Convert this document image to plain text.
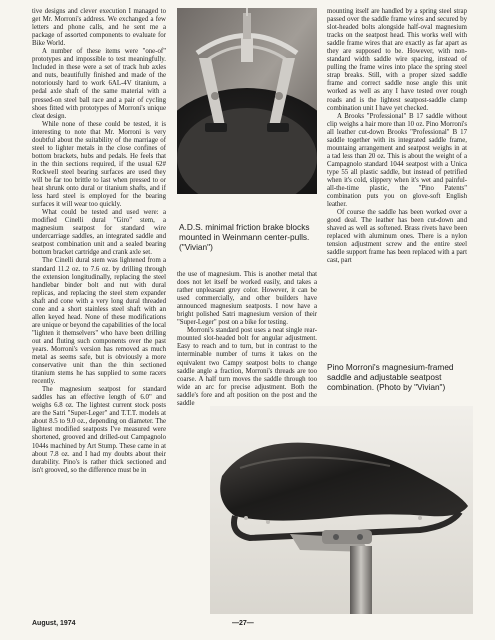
tive designs and clever execution I managed to get Mr. Morroni's address. We exchanged a few letters and phone calls, and he sent me a package of assorted components to evaluate for Bike World.

A number of these items were "one-of" prototypes and impossible to test meaningfully. Included in these were a set of track hub axles and nuts, beautifully finished and made of the notoriously hard to work 6AL-4V titanium, a pedal axle shaft of the same material with a pressed-on steel ball race and a pair of cycling shoes fitted with prototypes of Morroni's unique cleat design.

While none of these could be tested, it is interesting to note that Mr. Morroni is very doubtful about the suitability of the marriage of steel to lighter metals in the close confines of bottom brackets, hubs and pedals. He feels that in the thin sections required, if the usual 62# Rockwell steel bearing surfaces are used they will be far too brittle to last when pressed to or heat shrunk onto dural or titanium shafts, and if less hard steel is employed for the bearing surfaces it will wear too quickly.

What could be tested and used were: a modified Cinelli dural "Giro" stem, a magnesium seatpost for standard wire undercarriage saddles, an integrated saddle and seatpost combination unit and a sealed bearing bottom bracket cartridge and crank axle set.

The Cinelli dural stem was lightened from a standard 11.2 oz. to 7.6 oz. by drilling through the extension longitudinally, replacing the steel handlebar binder bolt and nut with dural replicas, and replacing the steel stem expander shaft and cone with a very long dural threaded cone and a short stainless steel shaft with an allen keyed head. None of these modifications are unique or beyond the capabilities of the local "lighten it themselvers" who have been drilling out and fluting such components over the past years. Morroni's version has removed as much metal as seems safe, but is obviously a more conservative unit than the thin sectioned titanium stems he has supplied to some racers recently.

The magnesium seatpost for standard saddles has an effective length of 6.0" and weighs 6.8 oz. The lightest current stock posts are the Satri "Super-Leger" and T.T.T. models at about 8.5 to 9.0 oz., depending on diameter. The lightest modified seatposts I've measured were shortened, grooved and drilled-out Campagnolo 1044s machined by Art Stump. These came in at about 7.8 oz. and I had my doubts about their durability. Pino's is rather thick sectioned and isn't grooved, so the difference must be in

A.D.S. minimal friction brake blocks mounted in Weinmann center-pulls. ("Vivian")

the use of magnesium. This is another metal that does not let itself be worked easily, and takes a rather unpleasant grey color. However, it can be used commercially, and other builders have announced magnesium seatposts. I now have a bright polished Satri magnesium version of their "Super-Leger" post on a bike for testing.

Morroni's standard post uses a neat single rear-mounted slot-headed bolt for angular adjustment. Easy to reach and to turn, but in contrast to the interminable number of turns it takes on the equivalent two Campy seatpost bolts to change saddle angle a fraction, Morroni's threads are too coarse. A half turn moves the saddle through too wide an arc for precise adjustment. Both the saddle's fore and aft position on the post and the saddle

mounting itself are handled by a spring steel strap passed over the saddle frame wires and secured by slot-headed bolts alongside half-oval magnesium tracks on the seatpost head. This works well with saddle frame wires that are exactly as far apart as they are supposed to be. However, with non-standard width saddle wire spacing, instead of pulling the frame wires into place the spring steel strap breaks. Still, with a proper sized saddle frame and correct saddle nose angle this unit worked as well as any I have tested over rough roads and is the lightest seatpost-saddle clamp combination unit I have yet checked.

A Brooks "Professional" B 17 saddle without clip weighs a hair more than 10 oz. Pino Morroni's all leather cut-down Brooks "Professional" B 17 saddle together with its integrated saddle frame, mountaing arrangement and seatpost weighs in at a tad less than 20 oz. This is about the weight of a Campagnolo standard 1044 seatpost with a Unica type 55 all plastic saddle, but instead of petrified when it's cold, slippery when it's wet and painful-all-the-time plastic, the "Pino Patents" combination puts you on glove-soft English leather.

Of course the saddle has been worked over a good deal. The leather has been cut-down and shaved as well as softened. Brass rivets have been replaced with aluminum ones. There is a nylon tension adjustment screw and the entire steel saddle support frame has been replaced with a part cast, part

Pino Morroni's magnesium-framed saddle and adjustable seatpost combination. (Photo by "Vivian")
August, 1974	—27—
